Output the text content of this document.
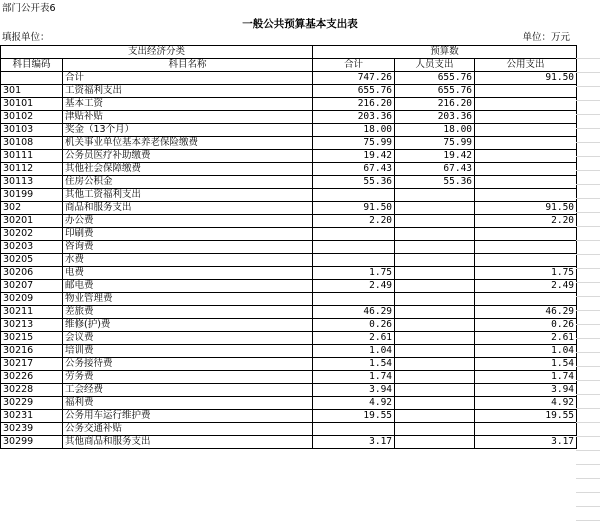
部门公开表6
一般公共预算基本支出表
填报单位：	单位：万元
支出经济分类		预算数		
科目编码	科目名称	合计	人员支出	公用支出
	合计	747.26	655.76	91.50
301	工资福利支出	655.76	655.76	
30101	基本工资	216.20	216.20	
30102	津贴补贴	203.36	203.36	
30103	奖金（13个月）	18.00	18.00	
30108	机关事业单位基本养老保险缴费	75.99	75.99	
30111	公务员医疗补助缴费	19.42	19.42	
30112	其他社会保障缴费	67.43	67.43	
30113	住房公积金	55.36	55.36	
30199	其他工资福利支出			
302	商品和服务支出	91.50		91.50
30201	办公费	2.20		2.20
30202	印刷费			
30203	咨询费			
30205	水费			
30206	电费	1.75		1.75
30207	邮电费	2.49		2.49
30209	物业管理费			
30211	差旅费	46.29		46.29
30213	维修(护)费	0.26		0.26
30215	会议费	2.61		2.61
30216	培训费	1.04		1.04
30217	公务接待费	1.54		1.54
30226	劳务费	1.74		1.74
30228	工会经费	3.94		3.94
30229	福利费	4.92		4.92
30231	公务用车运行维护费	19.55		19.55
30239	公务交通补贴			
30299	其他商品和服务支出	3.17		3.17
